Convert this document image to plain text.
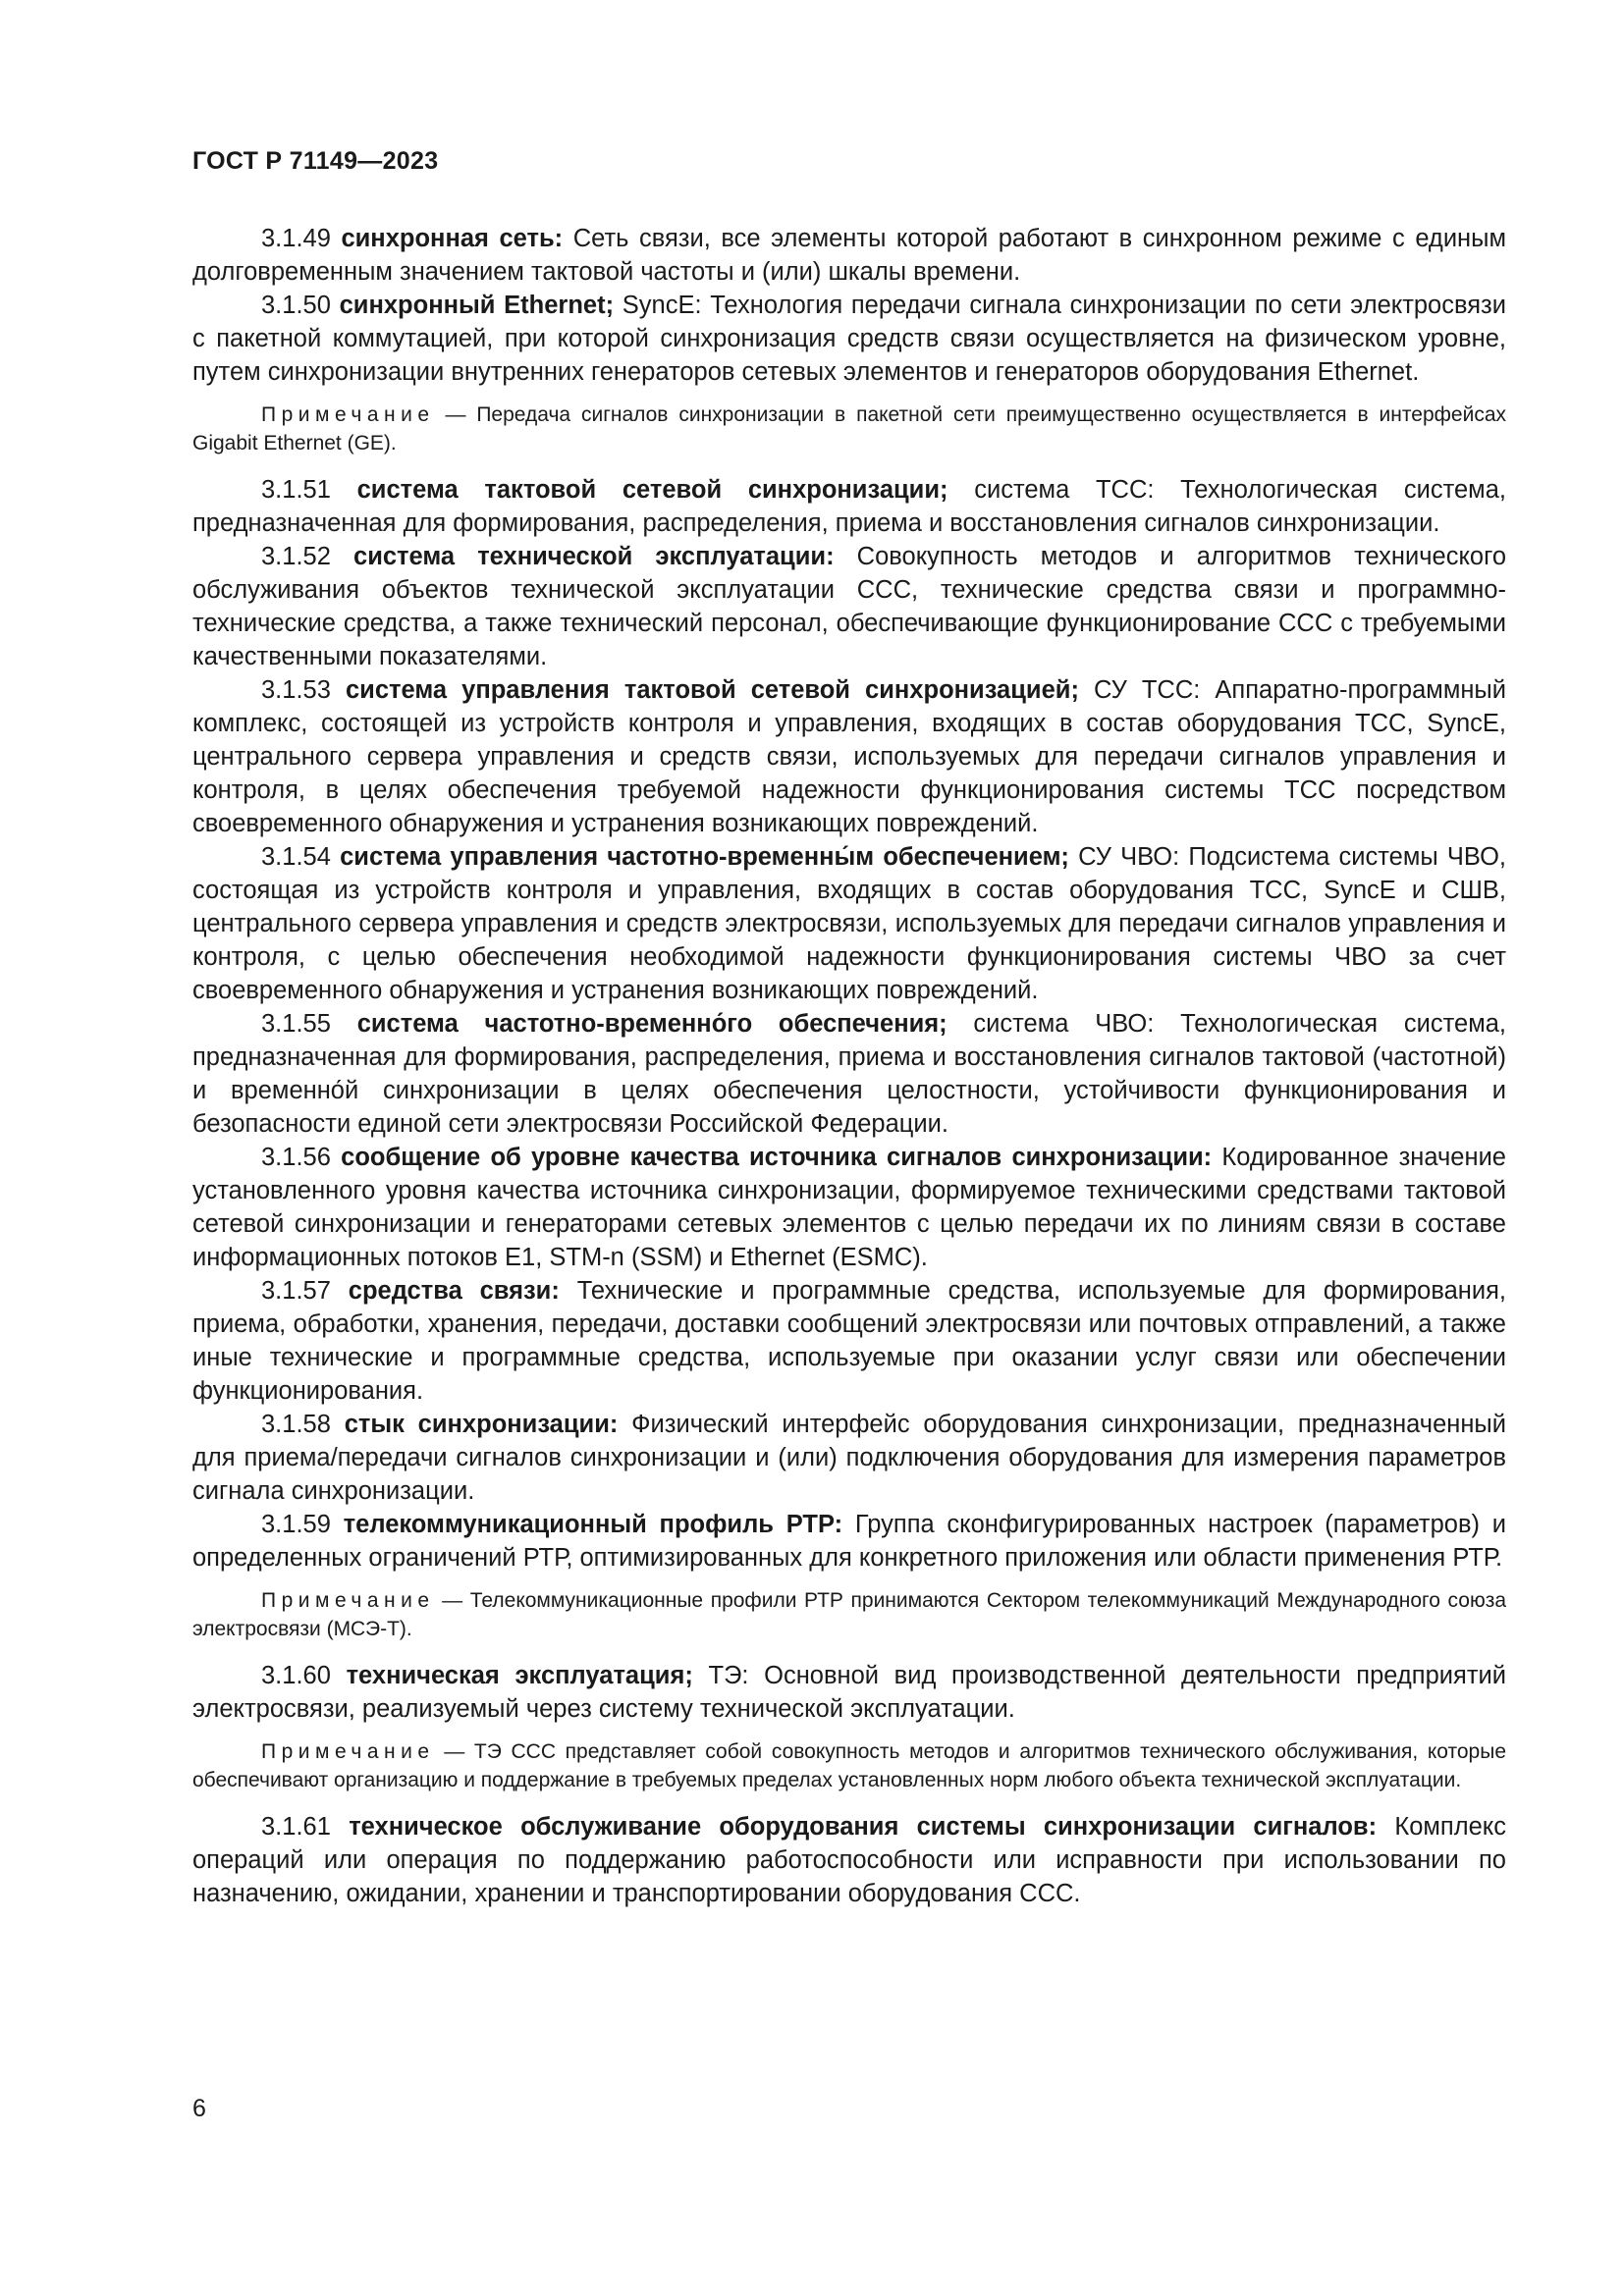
ГОСТ Р 71149—2023

3.1.49 синхронная сеть: Сеть связи, все элементы которой работают в синхронном режиме с единым долговременным значением тактовой частоты и (или) шкалы времени.

3.1.50 синхронный Ethernet; SyncE: Технология передачи сигнала синхронизации по сети электросвязи с пакетной коммутацией, при которой синхронизация средств связи осуществляется на физическом уровне, путем синхронизации внутренних генераторов сетевых элементов и генераторов оборудования Ethernet.

Примечание — Передача сигналов синхронизации в пакетной сети преимущественно осуществляется в интерфейсах Gigabit Ethernet (GE).

3.1.51 система тактовой сетевой синхронизации; система ТСС: Технологическая система, предназначенная для формирования, распределения, приема и восстановления сигналов синхронизации.

3.1.52 система технической эксплуатации: Совокупность методов и алгоритмов технического обслуживания объектов технической эксплуатации ССС, технические средства связи и программно-технические средства, а также технический персонал, обеспечивающие функционирование ССС с требуемыми качественными показателями.

3.1.53 система управления тактовой сетевой синхронизацией; СУ ТСС: Аппаратно-программный комплекс, состоящей из устройств контроля и управления, входящих в состав оборудования ТСС, SyncE, центрального сервера управления и средств связи, используемых для передачи сигналов управления и контроля, в целях обеспечения требуемой надежности функционирования системы ТСС посредством своевременного обнаружения и устранения возникающих повреждений.

3.1.54 система управления частотно-временны́м обеспечением; СУ ЧВО: Подсистема системы ЧВО, состоящая из устройств контроля и управления, входящих в состав оборудования ТСС, SyncE и СШВ, центрального сервера управления и средств электросвязи, используемых для передачи сигналов управления и контроля, с целью обеспечения необходимой надежности функционирования системы ЧВО за счет своевременного обнаружения и устранения возникающих повреждений.

3.1.55 система частотно-временно́го обеспечения; система ЧВО: Технологическая система, предназначенная для формирования, распределения, приема и восстановления сигналов тактовой (частотной) и временно́й синхронизации в целях обеспечения целостности, устойчивости функционирования и безопасности единой сети электросвязи Российской Федерации.

3.1.56 сообщение об уровне качества источника сигналов синхронизации: Кодированное значение установленного уровня качества источника синхронизации, формируемое техническими средствами тактовой сетевой синхронизации и генераторами сетевых элементов с целью передачи их по линиям связи в составе информационных потоков Е1, STM-n (SSM) и Ethernet (ESMC).

3.1.57 средства связи: Технические и программные средства, используемые для формирования, приема, обработки, хранения, передачи, доставки сообщений электросвязи или почтовых отправлений, а также иные технические и программные средства, используемые при оказании услуг связи или обеспечении функционирования.

3.1.58 стык синхронизации: Физический интерфейс оборудования синхронизации, предназначенный для приема/передачи сигналов синхронизации и (или) подключения оборудования для измерения параметров сигнала синхронизации.

3.1.59 телекоммуникационный профиль РТР: Группа сконфигурированных настроек (параметров) и определенных ограничений РТР, оптимизированных для конкретного приложения или области применения РТР.

Примечание — Телекоммуникационные профили РТР принимаются Сектором телекоммуникаций Международного союза электросвязи (МСЭ-Т).

3.1.60 техническая эксплуатация; ТЭ: Основной вид производственной деятельности предприятий электросвязи, реализуемый через систему технической эксплуатации.

Примечание — ТЭ ССС представляет собой совокупность методов и алгоритмов технического обслуживания, которые обеспечивают организацию и поддержание в требуемых пределах установленных норм любого объекта технической эксплуатации.

3.1.61 техническое обслуживание оборудования системы синхронизации сигналов: Комплекс операций или операция по поддержанию работоспособности или исправности при использовании по назначению, ожидании, хранении и транспортировании оборудования ССС.

6
